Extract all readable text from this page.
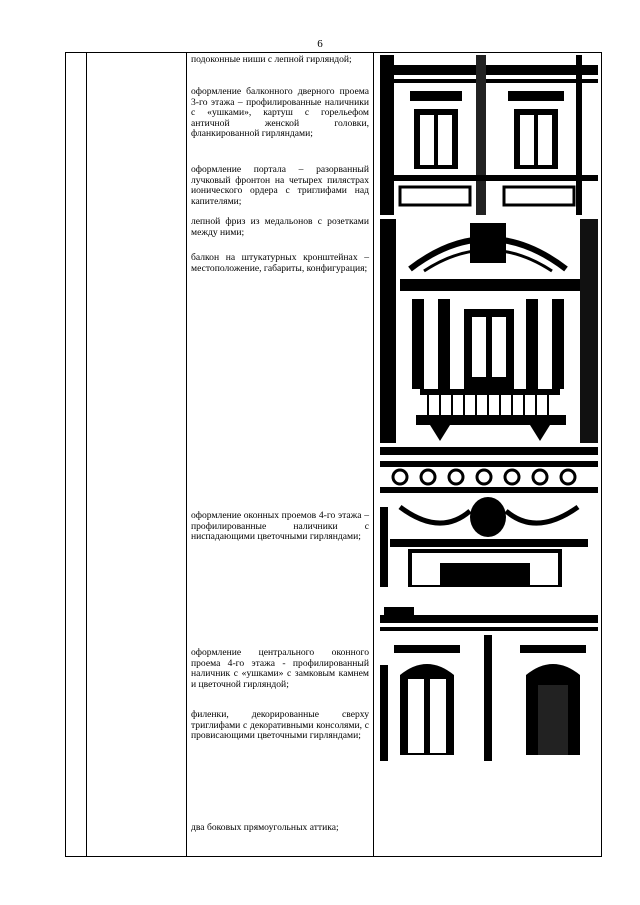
6
подоконные ниши с лепной гирляндой;
оформление балконного дверного проема 3-го этажа – профилированные наличники с «ушками», картуш с горельефом античной женской головки, фланкированной гирляндами;
оформление портала – разорванный лучковый фронтон на четырех пилястрах ионического ордера с триглифами над капителями;
лепной фриз из медальонов с розетками между ними;
балкон на штукатурных кронштейнах – местоположение, габариты, конфигурация;
оформление оконных проемов 4-го этажа – профилированные наличники с ниспадающими цветочными гирляндами;
оформление центрального оконного проема 4-го этажа - профилированный наличник с «ушками» с замковым камнем и цветочной гирляндой;
филенки, декорированные сверху триглифами с декоративными консолями, с провисающими цветочными гирляндами;
два боковых прямоугольных аттика;
